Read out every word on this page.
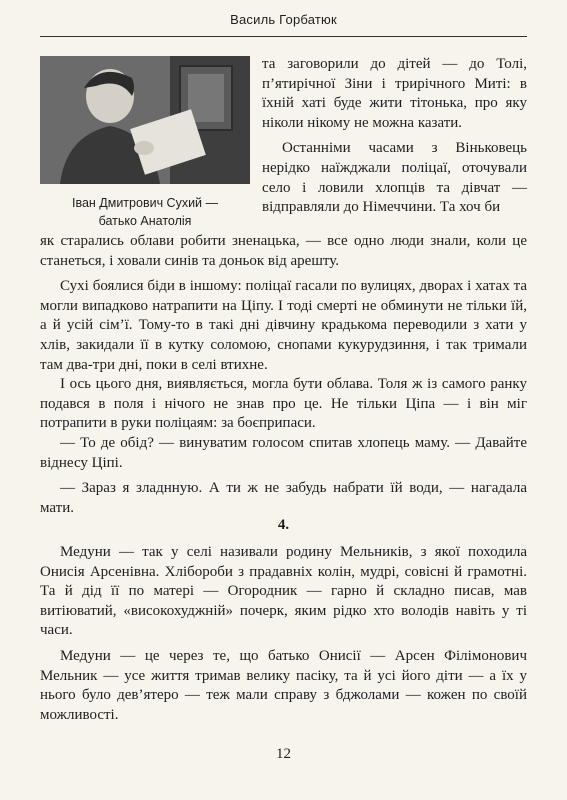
Василь Горбатюк
Іван Дмитрович Сухий —
батько Анатолія

та заговорили до дітей — до Толі, п’ятирічної Зіни і трирічного Миті: в їхній хаті буде жити тітонька, про яку ніколи нікому не можна казати.

Останніми часами з Віньковець нерідко наїжджали поліцаї, оточували село і ловили хлопців та дівчат — відправляли до Німеччини. Та хоч би

як старались облави робити зненацька, — все одно люди знали, коли це станеться, і ховали синів та доньок від арешту.

Сухі боялися біди в іншому: поліцаї гасали по вулицях, дворах і хатах та могли випадково натрапити на Ціпу. І тоді смерті не обминути не тільки їй, а й усій сім’ї. Тому-то в такі дні дівчину крадькома переводили з хати у хлів, закидали її в кутку соломою, снопами кукурудзиння, і так тримали там два-три дні, поки в селі втихне.

І ось цього дня, виявляється, могла бути облава. Толя ж із самого ранку подався в поля і нічого не знав про це. Не тільки Ціпа — і він міг потрапити в руки поліцаям: за боєприпаси.

— То де обід? — винуватим голосом спитав хлопець маму. — Давайте віднесу Ціпі.

— Зараз я зладнную. А ти ж не забудь набрати їй води, — нагадала мати.

4.

Медуни — так у селі називали родину Мельників, з якої походила Онисія Арсенівна. Хлібороби з прадавніх колін, мудрі, совісні й грамотні. Та й дід її по матері — Огородник — гарно й складно писав, мав витіюватий, «високохуджній» почерк, яким рідко хто володів навіть у ті часи.

Медуни — це через те, що батько Онисії — Арсен Філімонович Мельник — усе життя тримав велику пасіку, та й усі його діти — а їх у нього було дев’ятеро — теж мали справу з бджолами — кожен по своїй можливості.

12
